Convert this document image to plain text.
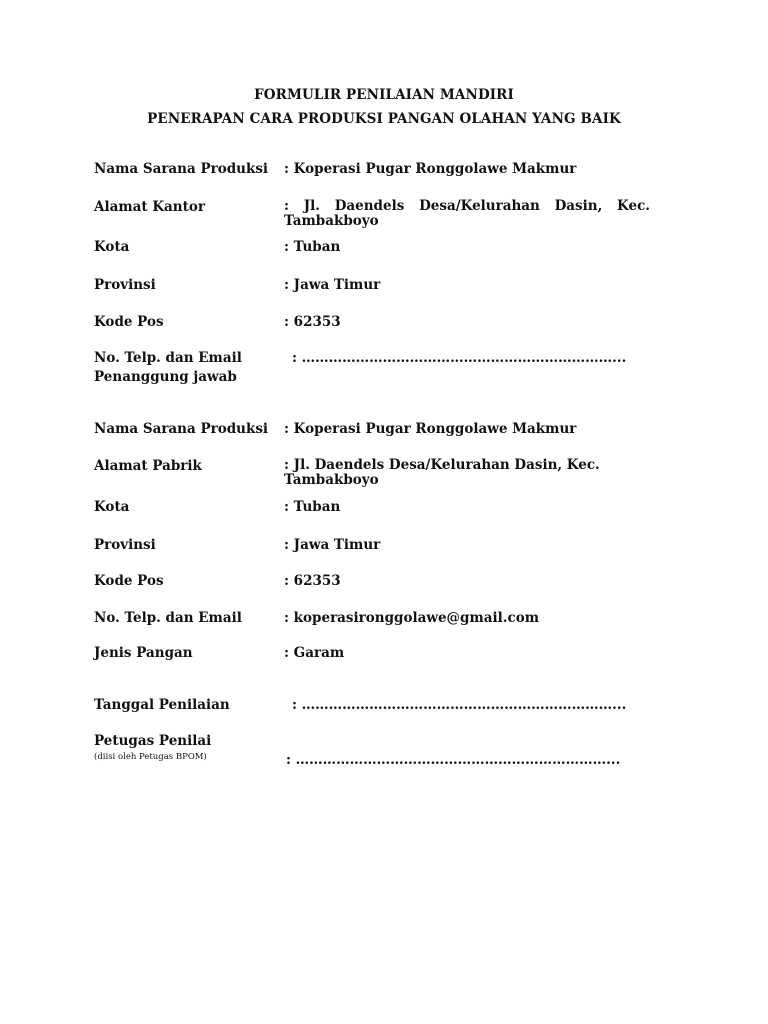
FORMULIR PENILAIAN MANDIRI
PENERAPAN CARA PRODUKSI PANGAN OLAHAN YANG BAIK
Nama Sarana Produksi : Koperasi Pugar Ronggolawe Makmur
Alamat Kantor	: Jl. Daendels Desa/Kelurahan Dasin, Kec. Tambakboyo
Kota	: Tuban
Provinsi	: Jawa Timur
Kode Pos	: 62353
No. Telp. dan Email
Penanggung jawab
: ……………………………………………………………...
Nama Sarana Produksi : Koperasi Pugar Ronggolawe Makmur
Alamat Pabrik	: Jl. Daendels Desa/Kelurahan Dasin, Kec. Tambakboyo
Kota	: Tuban
Provinsi	: Jawa Timur
Kode Pos	: 62353
No. Telp. dan Email	: koperasironggolawe@gmail.com
Jenis Pangan	: Garam
Tanggal Penilaian	: ……………………………………………………………...
Petugas Penilai
(diisi oleh Petugas BPOM)	: ……………………………………………………………...
